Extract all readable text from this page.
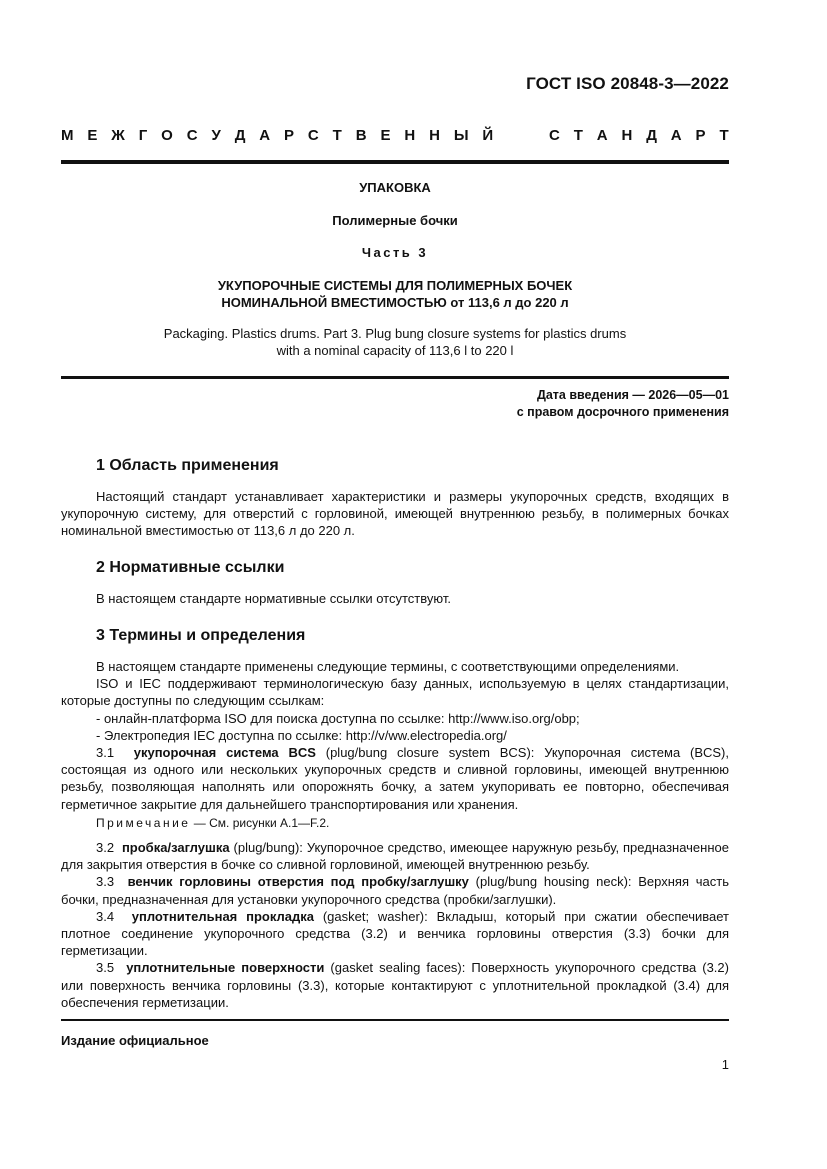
ГОСТ ISO 20848-3—2022
М Е Ж Г О С У Д А Р С Т В Е Н Н Ы Й	С Т А Н Д А Р Т
УПАКОВКА
Полимерные бочки
Часть 3
УКУПОРОЧНЫЕ СИСТЕМЫ ДЛЯ ПОЛИМЕРНЫХ БОЧЕК
НОМИНАЛЬНОЙ ВМЕСТИМОСТЬЮ от 113,6 л до 220 л
Packaging. Plastics drums. Part 3. Plug bung closure systems for plastics drums
with a nominal capacity of 113,6 l to 220 l
Дата введения — 2026—05—01
с правом досрочного применения
1 Область применения

Настоящий стандарт устанавливает характеристики и размеры укупорочных средств, входящих в укупорочную систему, для отверстий с горловиной, имеющей внутреннюю резьбу, в полимерных бочках номинальной вместимостью от 113,6 л до 220 л.

2 Нормативные ссылки

В настоящем стандарте нормативные ссылки отсутствуют.

3 Термины и определения

В настоящем стандарте применены следующие термины, с соответствующими определениями.

ISO и IEC поддерживают терминологическую базу данных, используемую в целях стандартизации, которые доступны по следующим ссылкам:

- онлайн-платформа ISO для поиска доступна по ссылке: http://www.iso.org/obp;

- Электропедия IEC доступна по ссылке: http://v/ww.electropedia.org/

3.1 укупорочная система BCS (plug/bung closure system BCS): Укупорочная система (BCS), состоящая из одного или нескольких укупорочных средств и сливной горловины, имеющей внутреннюю резьбу, позволяющая наполнять или опорожнять бочку, а затем укупоривать ее повторно, обеспечивая герметичное закрытие для дальнейшего транспортирования или хранения.

Примечание — См. рисунки А.1—F.2.

3.2 пробка/заглушка (plug/bung): Укупорочное средство, имеющее наружную резьбу, предназначенное для закрытия отверстия в бочке со сливной горловиной, имеющей внутреннюю резьбу.

3.3 венчик горловины отверстия под пробку/заглушку (plug/bung housing neck): Верхняя часть бочки, предназначенная для установки укупорочного средства (пробки/заглушки).

3.4 уплотнительная прокладка (gasket; washer): Вкладыш, который при сжатии обеспечивает плотное соединение укупорочного средства (3.2) и венчика горловины отверстия (3.3) бочки для герметизации.

3.5 уплотнительные поверхности (gasket sealing faces): Поверхность укупорочного средства (3.2) или поверхность венчика горловины (3.3), которые контактируют с уплотнительной прокладкой (3.4) для обеспечения герметизации.

Издание официальное
1
